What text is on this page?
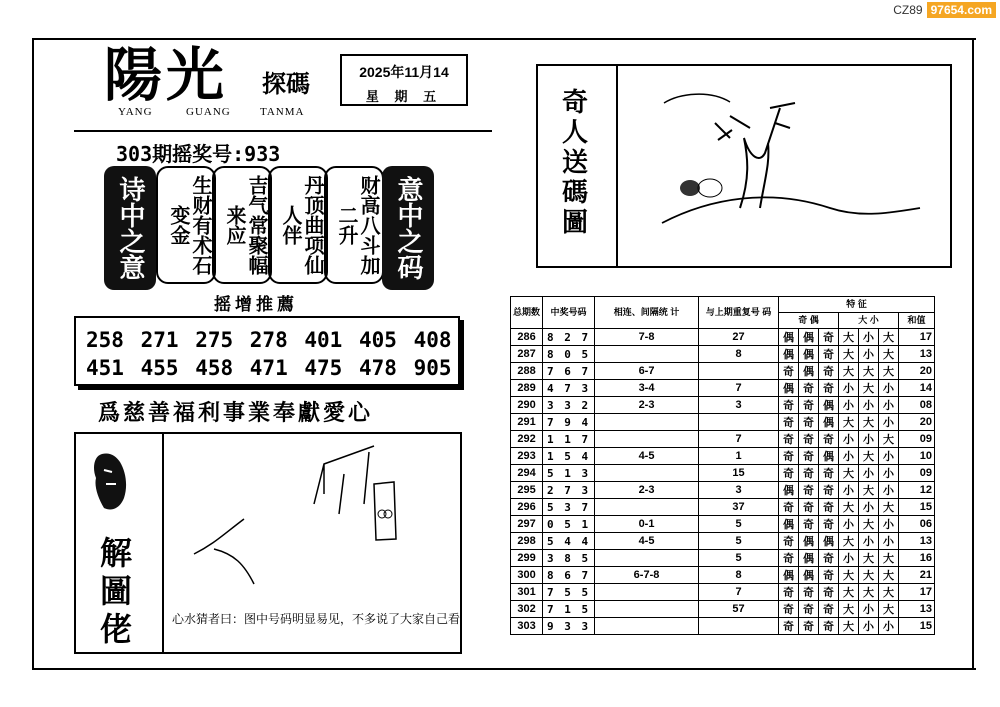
CZ89 97654.com
陽光 探碼
YANG	GUANG	TANMA
2025年11月14
星 期 五
303期摇奖号:933
诗中之意	生财有术石变金	吉气常聚幅来应	丹顶曲项仙人伴	财高八斗加二升	意中之码
摇增推薦
258 271 275 278 401 405 408
451 455 458 471 475 478 905
爲慈善福利事業奉獻愛心
解圖佬	心水猜者曰：图中号码明显易见，不多说了大家自己看
奇人送碼圖
总期数	中奖号码	相连、间隔统 计	与上期重复号 码	特 征						
				奇 偶			大 小			和值
286	8 2 7	7-8	27	偶	偶	奇	大	小	大	17
287	8 0 5		8	偶	偶	奇	大	小	大	13
288	7 6 7	6-7		奇	偶	奇	大	大	大	20
289	4 7 3	3-4	7	偶	奇	奇	小	大	小	14
290	3 3 2	2-3	3	奇	奇	偶	小	小	小	08
291	7 9 4			奇	奇	偶	大	大	小	20
292	1 1 7		7	奇	奇	奇	小	小	大	09
293	1 5 4	4-5	1	奇	奇	偶	小	大	小	10
294	5 1 3		15	奇	奇	奇	大	小	小	09
295	2 7 3	2-3	3	偶	奇	奇	小	大	小	12
296	5 3 7		37	奇	奇	奇	大	小	大	15
297	0 5 1	0-1	5	偶	奇	奇	小	大	小	06
298	5 4 4	4-5	5	奇	偶	偶	大	小	小	13
299	3 8 5		5	奇	偶	奇	小	大	大	16
300	8 6 7	6-7-8	8	偶	偶	奇	大	大	大	21
301	7 5 5		7	奇	奇	奇	大	大	大	17
302	7 1 5		57	奇	奇	奇	大	小	大	13
303	9 3 3			奇	奇	奇	大	小	小	15
